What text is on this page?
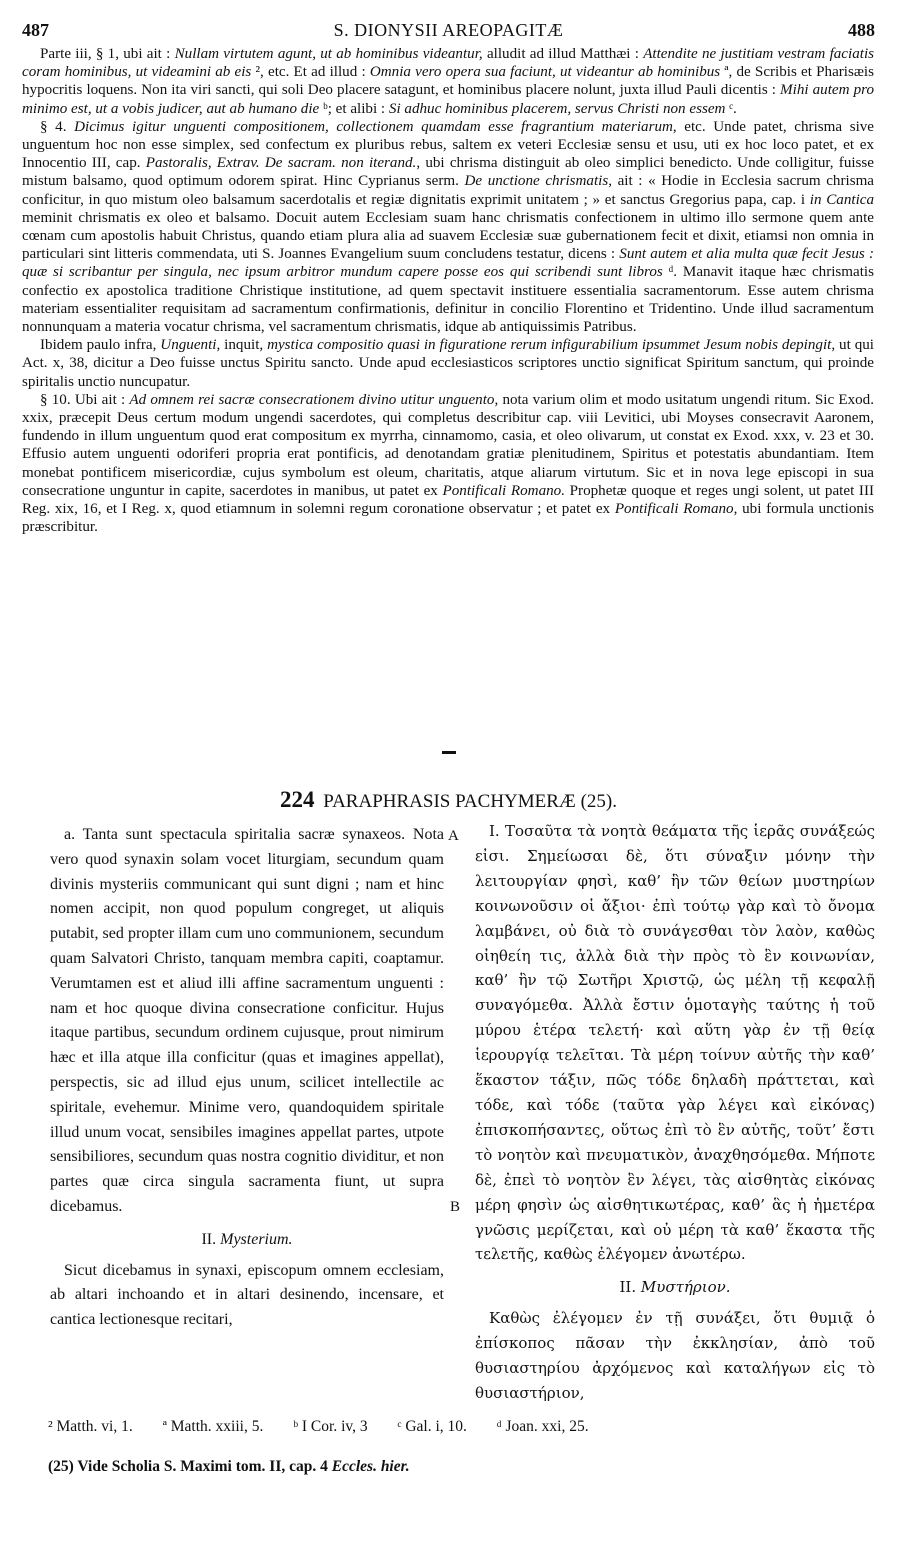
487	S. DIONYSII AREOPAGITÆ	488

Parte iii, § 1, ubi ait : Nullam virtutem agunt, ut ab hominibus videantur, alludit ad illud Matthæi : Attendite ne justitiam vestram faciatis coram hominibus, ut videamini ab eis ², etc. Et ad illud : Omnia vero opera sua faciunt, ut videantur ab hominibus ª, de Scribis et Pharisæis hypocritis loquens. Non ita viri sancti, qui soli Deo placere satagunt, et hominibus placere nolunt, juxta illud Pauli dicentis : Mihi autem pro minimo est, ut a vobis judicer, aut ab humano die ᵇ; et alibi : Si adhuc hominibus placerem, servus Christi non essem ᶜ.

§ 4. Dicimus igitur unguenti compositionem, collectionem quamdam esse fragrantium materiarum, etc. Unde patet, chrisma sive unguentum hoc non esse simplex, sed confectum ex pluribus rebus, saltem ex veteri Ecclesiæ sensu et usu, uti ex hoc loco patet, et ex Innocentio III, cap. Pastoralis, Extrav. De sacram. non iterand., ubi chrisma distinguit ab oleo simplici benedicto. Unde colligitur, fuisse mistum balsamo, quod optimum odorem spirat. Hinc Cyprianus serm. De unctione chrismatis, ait : « Hodie in Ecclesia sacrum chrisma conficitur, in quo mistum oleo balsamum sacerdotalis et regiæ dignitatis exprimit unitatem ; » et sanctus Gregorius papa, cap. i in Cantica meminit chrismatis ex oleo et balsamo. Docuit autem Ecclesiam suam hanc chrismatis confectionem in ultimo illo sermone quem ante cœnam cum apostolis habuit Christus, quando etiam plura alia ad suavem Ecclesiæ suæ gubernationem fecit et dixit, etiamsi non omnia in particulari sint litteris commendata, uti S. Joannes Evangelium suum concludens testatur, dicens : Sunt autem et alia multa quæ fecit Jesus : quæ si scribantur per singula, nec ipsum arbitror mundum capere posse eos qui scribendi sunt libros ᵈ. Manavit itaque hæc chrismatis confectio ex apostolica traditione Christique institutione, ad quem spectavit instituere essentialia sacramentorum. Esse autem chrisma materiam essentialiter requisitam ad sacramentum confirmationis, definitur in concilio Florentino et Tridentino. Unde illud sacramentum nonnunquam a materia vocatur chrisma, vel sacramentum chrismatis, idque ab antiquissimis Patribus.

Ibidem paulo infra, Unguenti, inquit, mystica compositio quasi in figuratione rerum infigurabilium ipsummet Jesum nobis depingit, ut qui Act. x, 38, dicitur a Deo fuisse unctus Spiritu sancto. Unde apud ecclesiasticos scriptores unctio significat Spiritum sanctum, qui proinde spiritalis unctio nuncupatur.

§ 10. Ubi ait : Ad omnem rei sacræ consecrationem divino utitur unguento, nota varium olim et modo usitatum ungendi ritum. Sic Exod. xxix, præcepit Deus certum modum ungendi sacerdotes, qui completus describitur cap. viii Levitici, ubi Moyses consecravit Aaronem, fundendo in illum unguentum quod erat compositum ex myrrha, cinnamomo, casia, et oleo olivarum, ut constat ex Exod. xxx, v. 23 et 30. Effusio autem unguenti odoriferi propria erat pontificis, ad denotandam gratiæ plenitudinem, Spiritus et potestatis abundantiam. Item monebat pontificem misericordiæ, cujus symbolum est oleum, charitatis, atque aliarum virtutum. Sic et in nova lege episcopi in sua consecratione unguntur in capite, sacerdotes in manibus, ut patet ex Pontificali Romano. Prophetæ quoque et reges ungi solent, ut patet III Reg. xix, 16, et I Reg. x, quod etiamnum in solemni regum coronatione observatur ; et patet ex Pontificali Romano, ubi formula unctionis præscribitur.

224 PARAPHRASIS PACHYMERÆ (25).
A
B

a. Tanta sunt spectacula spiritalia sacræ synaxeos. Nota vero quod synaxin solam vocet liturgiam, secundum quam divinis mysteriis communicant qui sunt digni ; nam et hinc nomen accipit, non quod populum congreget, ut aliquis putabit, sed propter illam cum uno communionem, secundum quam Salvatori Christo, tanquam membra capiti, coaptamur. Verumtamen est et aliud illi affine sacramentum unguenti : nam et hoc quoque divina consecratione conficitur. Hujus itaque partibus, secundum ordinem cujusque, prout nimirum hæc et illa atque illa conficitur (quas et imagines appellat), perspectis, sic ad illud ejus unum, scilicet intellectile ac spiritale, evehemur. Minime vero, quandoquidem spiritale illud unum vocat, sensibiles imagines appellat partes, utpote sensibiliores, secundum quas nostra cognitio dividitur, et non partes quæ circa singula sacramenta fiunt, ut supra dicebamus.

II. Mysterium.

Sicut dicebamus in synaxi, episcopum omnem ecclesiam, ab altari inchoando et in altari desinendo, incensare, et cantica lectionesque recitari,

I. Τοσαῦτα τὰ νοητὰ θεάματα τῆς ἱερᾶς συνάξεώς εἰσι. Σημείωσαι δὲ, ὅτι σύναξιν μόνην τὴν λειτουργίαν φησὶ, καθ’ ἣν τῶν θείων μυστηρίων κοινωνοῦσιν οἱ ἄξιοι· ἐπὶ τούτῳ γὰρ καὶ τὸ ὄνομα λαμβάνει, οὐ διὰ τὸ συνάγεσθαι τὸν λαὸν, καθὼς οἰηθείη τις, ἀλλὰ διὰ τὴν πρὸς τὸ ἓν κοινωνίαν, καθ’ ἣν τῷ Σωτῆρι Χριστῷ, ὡς μέλη τῇ κεφαλῇ συναγόμεθα. Ἀλλὰ ἔστιν ὁμοταγὴς ταύτης ἡ τοῦ μύρου ἑτέρα τελετή· καὶ αὕτη γὰρ ἐν τῇ θείᾳ ἱερουργίᾳ τελεῖται. Τὰ μέρη τοίνυν αὐτῆς τὴν καθ’ ἕκαστον τάξιν, πῶς τόδε δηλαδὴ πράττεται, καὶ τόδε, καὶ τόδε (ταῦτα γὰρ λέγει καὶ εἰκόνας) ἐπισκοπήσαντες, οὕτως ἐπὶ τὸ ἓν αὐτῆς, τοῦτ’ ἔστι τὸ νοητὸν καὶ πνευματικὸν, ἀναχθησόμεθα. Μήποτε δὲ, ἐπεὶ τὸ νοητὸν ἓν λέγει, τὰς αἰσθητὰς εἰκόνας μέρη φησὶν ὡς αἰσθητικωτέρας, καθ’ ἃς ἡ ἡμετέρα γνῶσις μερίζεται, καὶ οὐ μέρη τὰ καθ’ ἕκαστα τῆς τελετῆς, καθὼς ἐλέγομεν ἀνωτέρω.

II. Μυστήριον.

Καθὼς ἐλέγομεν ἐν τῇ συνάξει, ὅτι θυμιᾷ ὁ ἐπίσκοπος πᾶσαν τὴν ἐκκλησίαν, ἀπὸ τοῦ θυσιαστηρίου ἀρχόμενος καὶ καταλήγων εἰς τὸ θυσιαστήριον,

² Matth. vi, 1. ª Matth. xxiii, 5. ᵇ I Cor. iv, 3 ᶜ Gal. i, 10. ᵈ Joan. xxi, 25.
(25) Vide Scholia S. Maximi tom. II, cap. 4 Eccles. hier.
